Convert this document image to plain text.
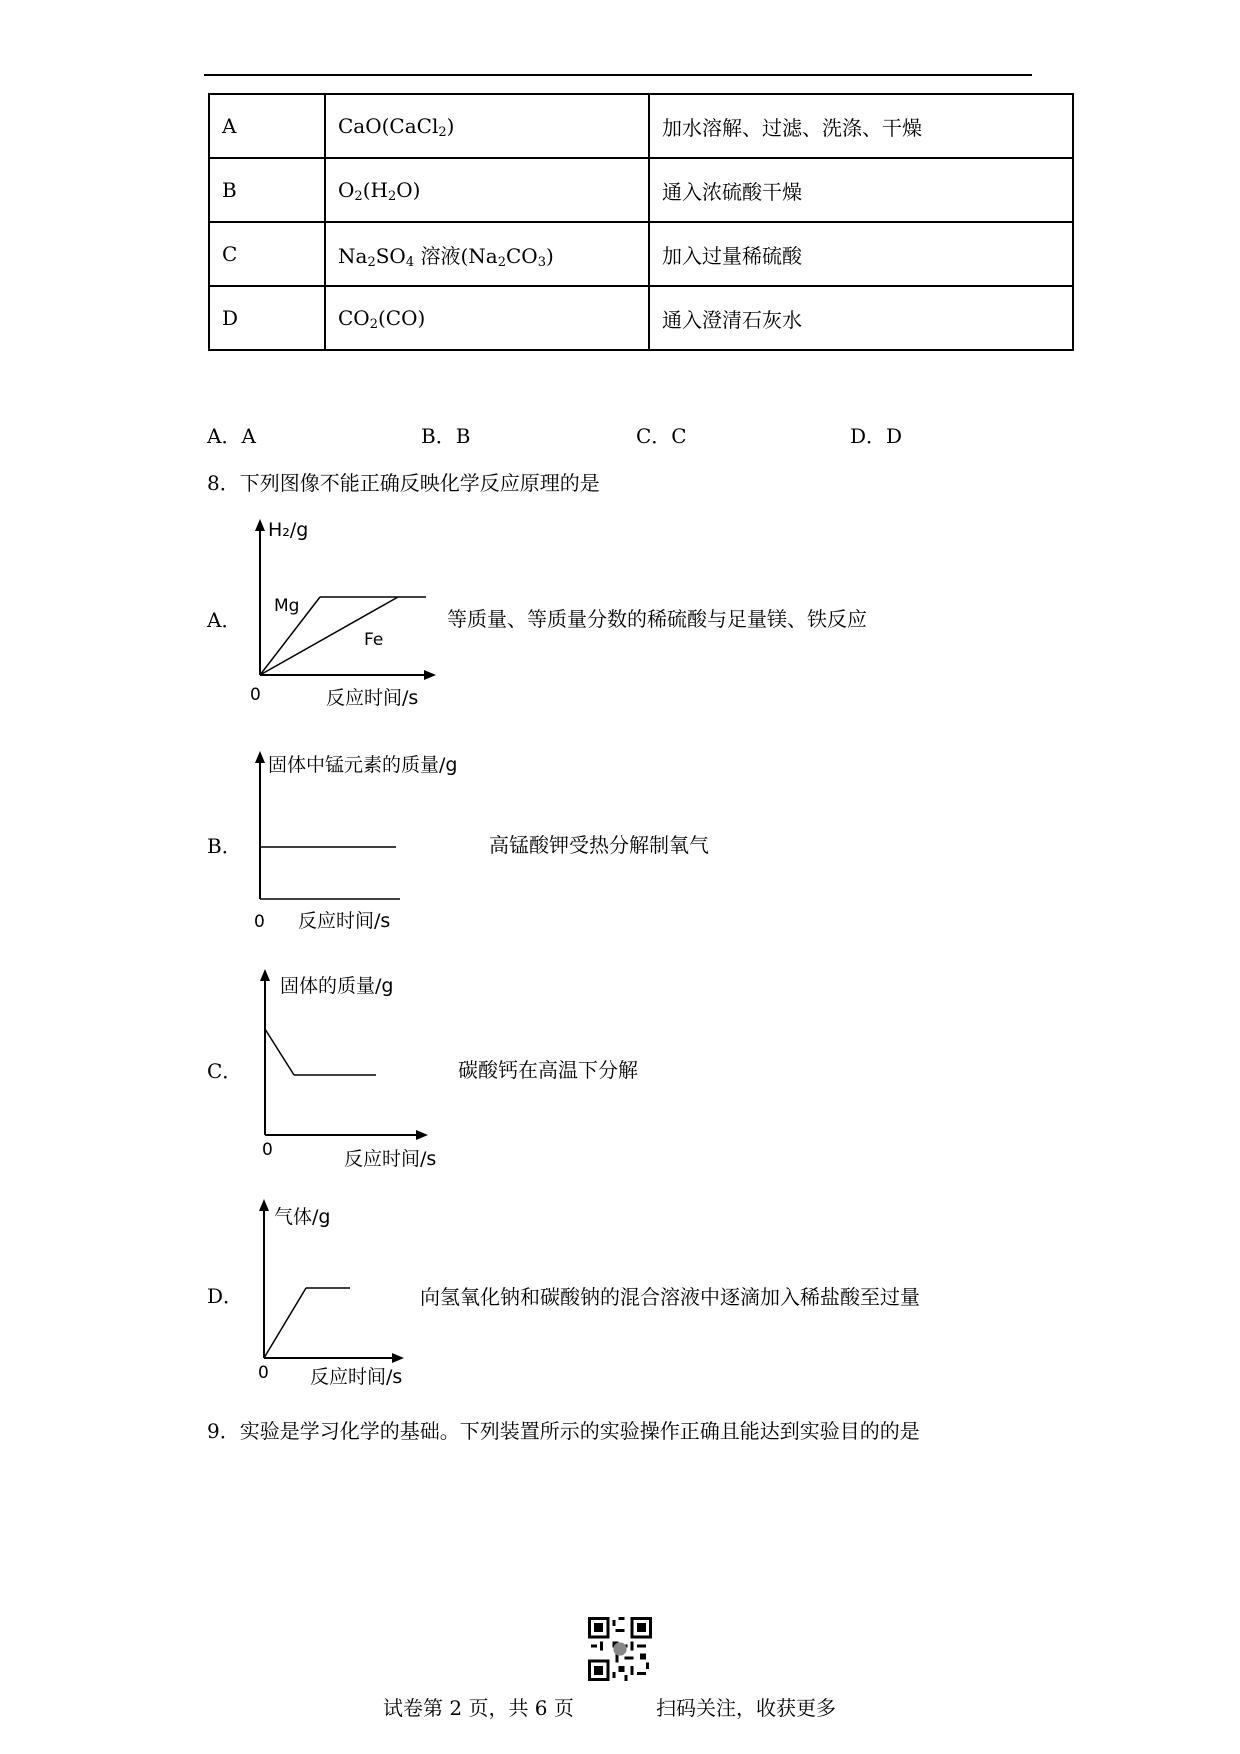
A	CaO(CaCl$_2$)	加水溶解、过滤、洗涤、干燥
B	$O_2(H_2O)$	通入浓硫酸干燥
C	$Na_2SO_4$ 溶液$(Na_2CO_3)$	加入过量稀硫酸
D	$CO_2(CO)$	通入澄清石灰水
A．A	B．B	C．C	D．D
8．下列图像不能正确反映化学反应原理的是
A．
H₂/g
Mg
Fe
0	反应时间/s
等质量、等质量分数的稀硫酸与足量镁、铁反应
B．
固体中锰元素的质量/g
0 反应时间/s
高锰酸钾受热分解制氧气
C．
固体的质量/g
0	反应时间/s
碳酸钙在高温下分解
D．
气体/g
0 反应时间/s
向氢氧化钠和碳酸钠的混合溶液中逐滴加入稀盐酸至过量
9．实验是学习化学的基础。下列装置所示的实验操作正确且能达到实验目的的是
试卷第 2 页，共 6 页	扫码关注，收获更多
